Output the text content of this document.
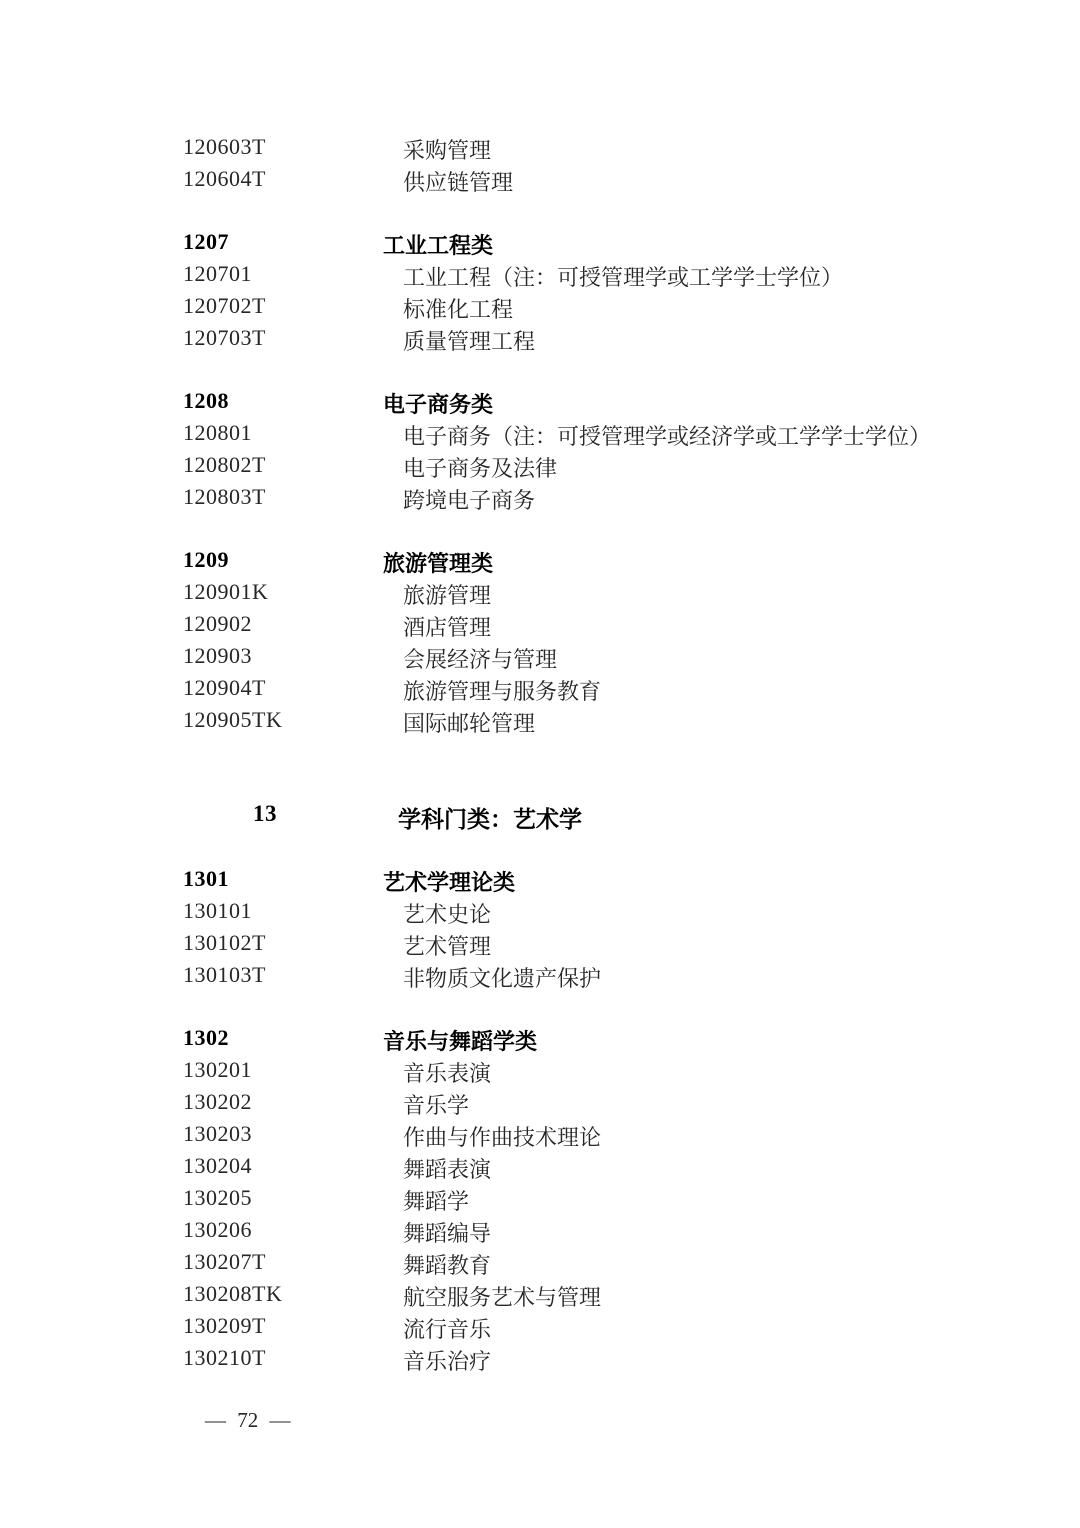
120603T	采购管理
120604T	供应链管理
1207	工业工程类
120701	工业工程（注：可授管理学或工学学士学位）
120702T	标准化工程
120703T	质量管理工程
1208	电子商务类
120801	电子商务（注：可授管理学或经济学或工学学士学位）
120802T	电子商务及法律
120803T	跨境电子商务
1209	旅游管理类
120901K	旅游管理
120902	酒店管理
120903	会展经济与管理
120904T	旅游管理与服务教育
120905TK	国际邮轮管理
13	学科门类：艺术学
1301	艺术学理论类
130101	艺术史论
130102T	艺术管理
130103T	非物质文化遗产保护
1302	音乐与舞蹈学类
130201	音乐表演
130202	音乐学
130203	作曲与作曲技术理论
130204	舞蹈表演
130205	舞蹈学
130206	舞蹈编导
130207T	舞蹈教育
130208TK	航空服务艺术与管理
130209T	流行音乐
130210T	音乐治疗
— 72 —
